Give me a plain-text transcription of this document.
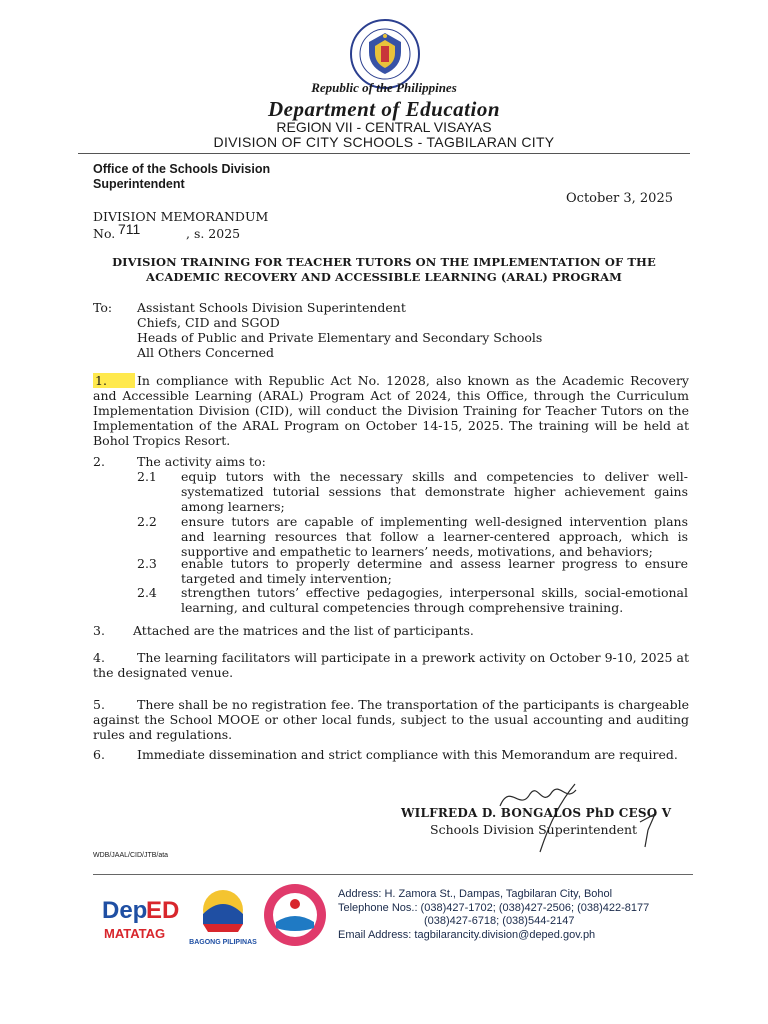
Republic of the Philippines
Department of Education
REGION VII - CENTRAL VISAYAS
DIVISION OF CITY SCHOOLS - TAGBILARAN CITY
Office of the Schools Division
Superintendent
October 3, 2025
DIVISION MEMORANDUM
No. 711	, s. 2025
DIVISION TRAINING FOR TEACHER TUTORS ON THE IMPLEMENTATION OF THE
ACADEMIC RECOVERY AND ACCESSIBLE LEARNING (ARAL) PROGRAM
To: Assistant Schools Division Superintendent
Chiefs, CID and SGOD
Heads of Public and Private Elementary and Secondary Schools
All Others Concerned
1. In compliance with Republic Act No. 12028, also known as the Academic Recovery and Accessible Learning (ARAL) Program Act of 2024, this Office, through the Curriculum Implementation Division (CID), will conduct the Division Training for Teacher Tutors on the Implementation of the ARAL Program on October 14-15, 2025. The training will be held at Bohol Tropics Resort.
2.	The activity aims to:
2.1 equip tutors with the necessary skills and competencies to deliver well-systematized tutorial sessions that demonstrate higher achievement gains among learners;
2.2 ensure tutors are capable of implementing well-designed intervention plans and learning resources that follow a learner-centered approach, which is supportive and empathetic to learners’ needs, motivations, and behaviors;
2.3 enable tutors to properly determine and assess learner progress to ensure targeted and timely intervention;
2.4 strengthen tutors’ effective pedagogies, interpersonal skills, social-emotional learning, and cultural competencies through comprehensive training.
3. Attached are the matrices and the list of participants.
4.	The learning facilitators will participate in a prework activity on October 9-10, 2025 at the designated venue.
5.	There shall be no registration fee. The transportation of the participants is chargeable against the School MOOE or other local funds, subject to the usual accounting and auditing rules and regulations.
6.	Immediate dissemination and strict compliance with this Memorandum are required.
WILFREDA D. BONGALOS PhD CESO V
Schools Division Superintendent
WDB/JAAL/CID/JTB/ata
Dep
ED
MATATAG
BAGONG PILIPINAS
Address: H. Zamora St., Dampas, Tagbilaran City, Bohol
Telephone Nos.: (038)427-1702; (038)427-2506; (038)422-8177
(038)427-6718; (038)544-2147
Email Address: tagbilarancity.division@deped.gov.ph
